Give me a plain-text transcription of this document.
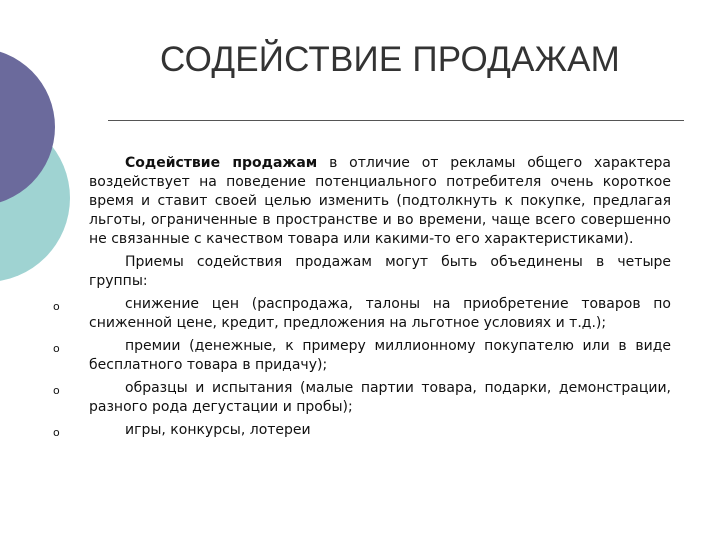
СОДЕЙСТВИЕ ПРОДАЖАМ

Содействие продажам в отличие от рекламы общего характера воздействует на поведение потенциального потребителя очень короткое время и ставит своей целью изменить (подтолкнуть к покупке, предлагая льготы, ограниченные в пространстве и во времени, чаще всего совершенно не связанные с качеством товара или какими-то его характеристиками).

Приемы содействия продажам могут быть объединены в четыре группы:

o	снижение цен (распродажа, талоны на приобретение товаров по сниженной цене, кредит, предложения на льготное условиях и т.д.);
o	премии (денежные, к примеру миллионному покупателю или в виде бесплатного товара в придачу);
o	образцы и испытания (малые партии товара, подарки, демонстрации, разного рода дегустации и пробы);
o	игры, конкурсы, лотереи
